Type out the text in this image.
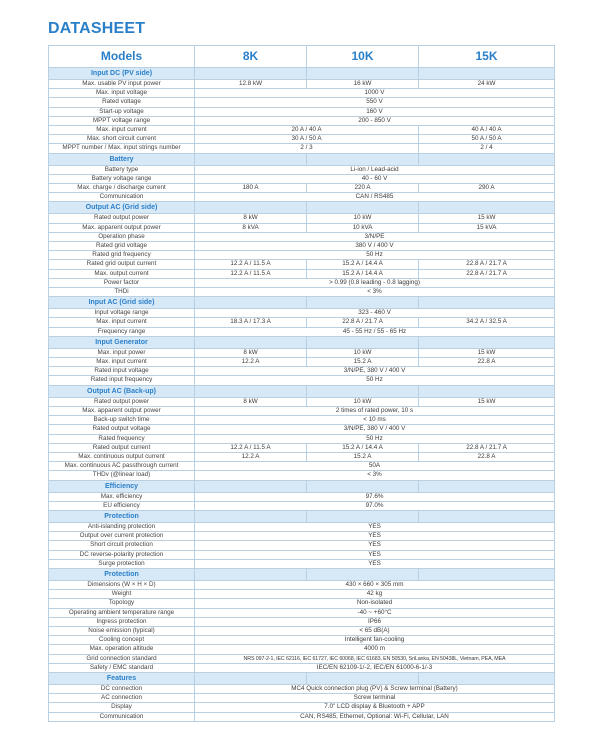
DATASHEET
Models	8K	10K	15K
Input DC (PV side)			
Max. usable PV input power	12.8 kW	16 kW	24 kW
Max. input voltage	1000 V		
Rated voltage	550 V		
Start-up voltage	160 V		
MPPT voltage range	200 - 850 V		
Max. input current	20 A / 40 A		40 A / 40 A
Max. short circuit current	30 A / 50 A		50 A / 50 A
MPPT number / Max. input strings number	2 / 3		2 / 4
Battery			
Battery type	Li-ion / Lead-acid		
Battery voltage range	40 - 60 V		
Max. charge / discharge current	180 A	220 A	290 A
Communication	CAN / RS485		
Output AC (Grid side)			
Rated output power	8 kW	10 kW	15 kW
Max. apparent output power	8 kVA	10 kVA	15 kVA
Operation phase	3/N/PE		
Rated grid voltage	380 V / 400 V		
Rated grid frequency	50 Hz		
Rated grid output current	12.2 A / 11.5 A	15.2 A / 14.4 A	22.8 A / 21.7 A
Max. output current	12.2 A / 11.5 A	15.2 A / 14.4 A	22.8 A / 21.7 A
Power factor	> 0.99 (0.8 leading - 0.8 lagging)		
THDi	< 3%		
Input AC (Grid side)			
Input voltage range	323 - 460 V		
Max. input current	18.3 A / 17.3 A	22.8 A / 21.7 A	34.2 A / 32.5 A
Frequency range	45 - 55 Hz / 55 - 65 Hz		
Input Generator			
Max. input power	8 kW	10 kW	15 kW
Max. input current	12.2 A	15.2 A	22.8 A
Rated input voltage	3/N/PE, 380 V / 400 V		
Rated input frequency	50 Hz		
Output AC (Back-up)			
Rated output power	8 kW	10 kW	15 kW
Max. apparent output power	2 times of rated power, 10 s		
Back-up switch time	< 10 ms		
Rated output voltage	3/N/PE, 380 V / 400 V		
Rated frequency	50 Hz		
Rated output current	12.2 A / 11.5 A	15.2 A / 14.4 A	22.8 A / 21.7 A
Max. continuous output current	12.2 A	15.2 A	22.8 A
Max. continuous AC passthrough current	50A		
THDv (@linear load)	< 3%		
Efficiency			
Max. efficiency	97.6%		
EU efficiency	97.0%		
Protection			
Anti-islanding protection	YES		
Output over current protection	YES		
Short circuit protection	YES		
DC reverse-polarity protection	YES		
Surge protection	YES		
Protection			
Dimensions (W × H × D)	430 × 660 × 305 mm		
Weight	42 kg		
Topology	Non-isolated		
Operating ambient temperature range	-40 ~ +60°C		
Ingress protection	IP66		
Noise emission (typical)	< 65 dB(A)		
Cooling concept	Intelligent fan-cooling		
Max. operation altitude	4000 m		
Grid connection standard	NRS 097-2-1, IEC 62116, IEC 61727, IEC 60068, IEC 61683, EN 50530, SriLanka, EN 50438L, Vietnam, PEA, MEA		
Safety / EMC standard	IEC/EN 62109-1/-2, IEC/EN 61000-6-1/-3		
Features			
DC connection	MC4 Quick connection plug (PV) & Screw terminal (Battery)		
AC connection	Screw terminal		
Display	7.0" LCD display & Bluetooth + APP		
Communication	CAN, RS485, Ethernet, Optional: Wi-Fi, Cellular, LAN		
